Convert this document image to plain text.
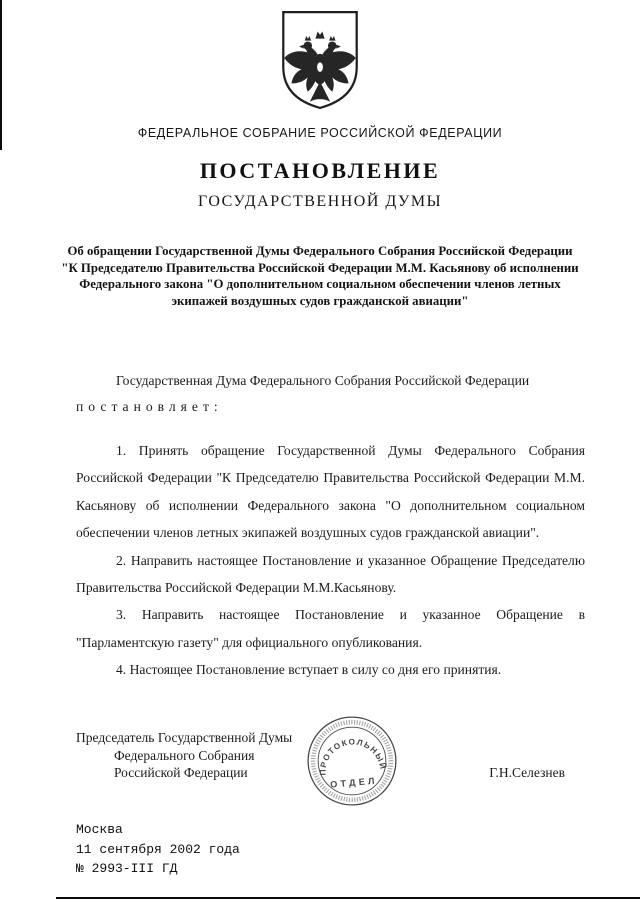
ФЕДЕРАЛЬНОЕ СОБРАНИЕ РОССИЙСКОЙ ФЕДЕРАЦИИ
ПОСТАНОВЛЕНИЕ
ГОСУДАРСТВЕННОЙ ДУМЫ
Об обращении Государственной Думы Федерального Собрания Российской Федерации "К Председателю Правительства Российской Федерации М.М. Касьянову об исполнении Федерального закона "О дополнительном социальном обеспечении членов летных экипажей воздушных судов гражданской авиации"
Государственная Дума Федерального Собрания Российской Федерации
постановляет:

1. Принять обращение Государственной Думы Федерального Собрания Российской Федерации "К Председателю Правительства Российской Федерации М.М. Касьянову об исполнении Федерального закона "О дополнительном социальном обеспечении членов летных экипажей воздушных судов гражданской авиации".

2. Направить настоящее Постановление и указанное Обращение Председателю Правительства Российской Федерации М.М.Касьянову.

3. Направить настоящее Постановление и указанное Обращение в "Парламентскую газету" для официального опубликования.

4. Настоящее Постановление вступает в силу со дня его принятия.

Председатель Государственной Думы
Федерального Собрания
Российской Федерации	Г.Н.Селезнев
ПРОТОКОЛЬНЫЙ
ОТДЕЛ
Москва
11 сентября 2002 года
№ 2993-III ГД
